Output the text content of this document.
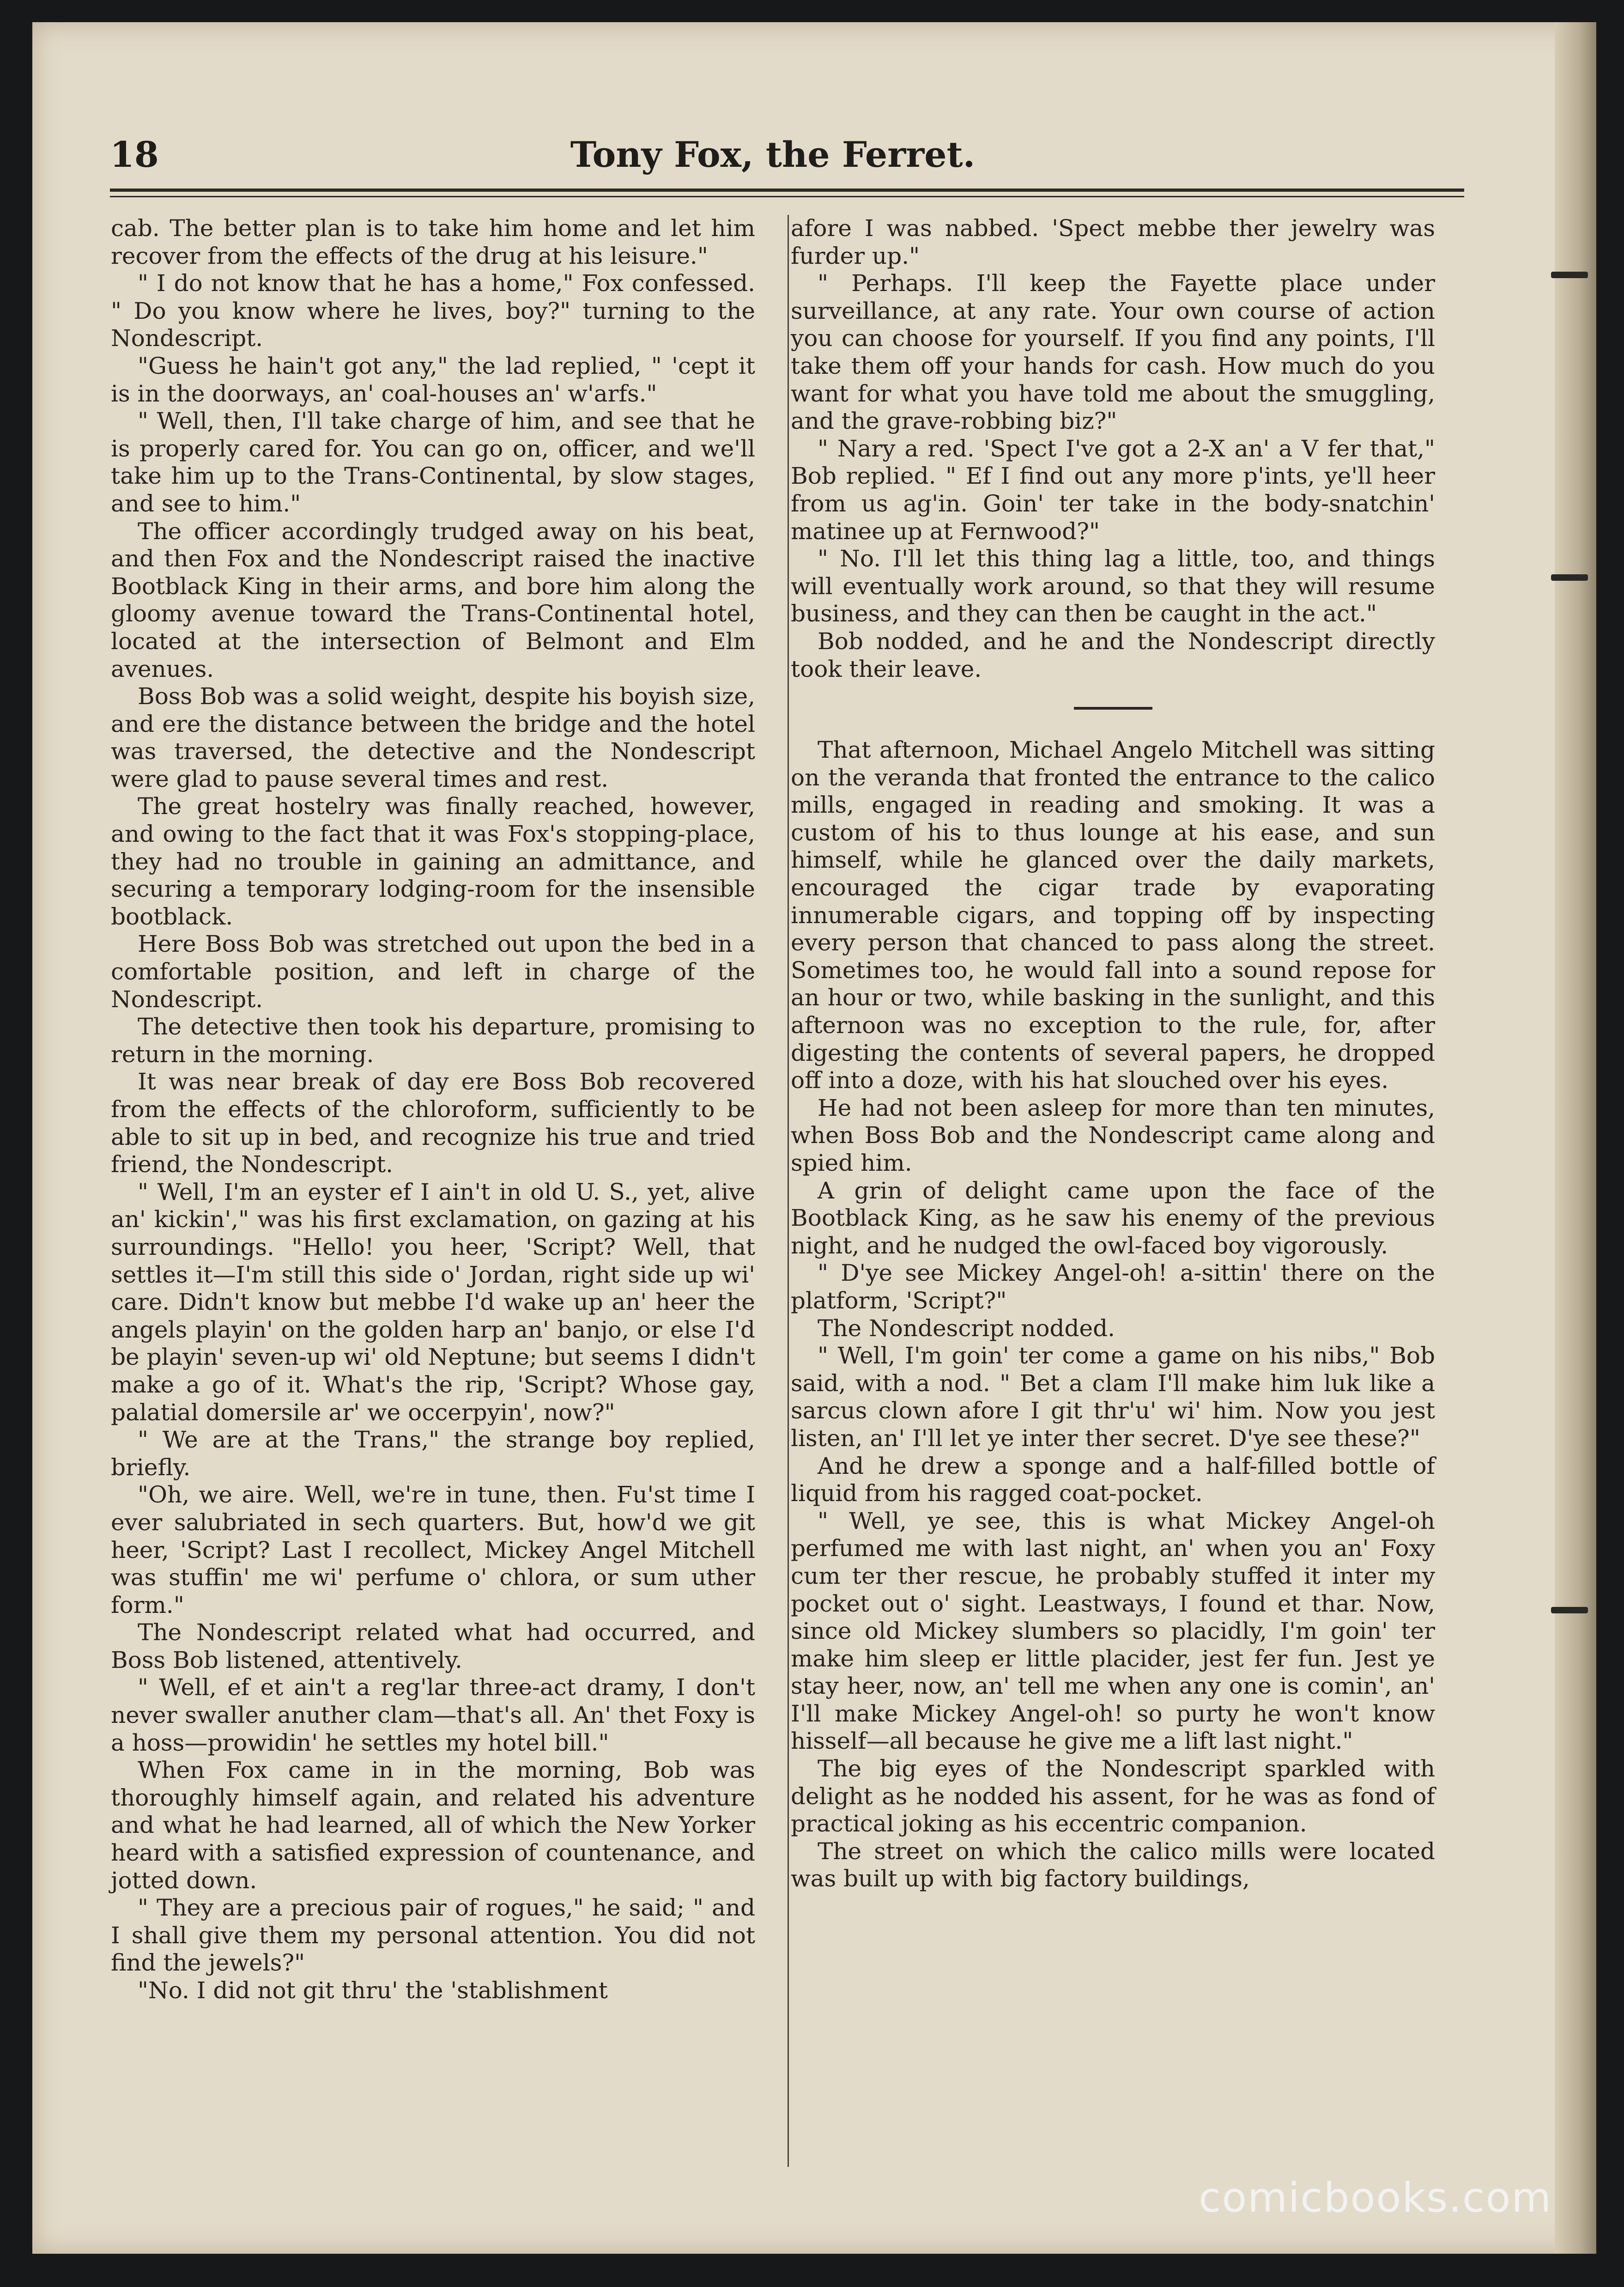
18	Tony Fox, the Ferret.

cab. The better plan is to take him home and let him recover from the effects of the drug at his leisure."

" I do not know that he has a home," Fox confessed. " Do you know where he lives, boy?" turning to the Nondescript.

"Guess he hain't got any," the lad replied, " 'cept it is in the doorways, an' coal-houses an' w'arfs."

" Well, then, I'll take charge of him, and see that he is properly cared for. You can go on, officer, and we'll take him up to the Trans-Continental, by slow stages, and see to him."

The officer accordingly trudged away on his beat, and then Fox and the Nondescript raised the inactive Bootblack King in their arms, and bore him along the gloomy avenue toward the Trans-Continental hotel, located at the intersection of Belmont and Elm avenues.

Boss Bob was a solid weight, despite his boyish size, and ere the distance between the bridge and the hotel was traversed, the detective and the Nondescript were glad to pause several times and rest.

The great hostelry was finally reached, however, and owing to the fact that it was Fox's stopping-place, they had no trouble in gaining an admittance, and securing a temporary lodging-room for the insensible bootblack.

Here Boss Bob was stretched out upon the bed in a comfortable position, and left in charge of the Nondescript.

The detective then took his departure, promising to return in the morning.

It was near break of day ere Boss Bob recovered from the effects of the chloroform, sufficiently to be able to sit up in bed, and recognize his true and tried friend, the Nondescript.

" Well, I'm an eyster ef I ain't in old U. S., yet, alive an' kickin'," was his first exclamation, on gazing at his surroundings. "Hello! you heer, 'Script? Well, that settles it—I'm still this side o' Jordan, right side up wi' care. Didn't know but mebbe I'd wake up an' heer the angels playin' on the golden harp an' banjo, or else I'd be playin' seven-up wi' old Neptune; but seems I didn't make a go of it. What's the rip, 'Script? Whose gay, palatial domersile ar' we occerpyin', now?"

" We are at the Trans," the strange boy replied, briefly.

"Oh, we aire. Well, we're in tune, then. Fu'st time I ever salubriated in sech quarters. But, how'd we git heer, 'Script? Last I recollect, Mickey Angel Mitchell was stuffin' me wi' perfume o' chlora, or sum uther form."

The Nondescript related what had occurred, and Boss Bob listened, attentively.

" Well, ef et ain't a reg'lar three-act dramy, I don't never swaller anuther clam—that's all. An' thet Foxy is a hoss—prowidin' he settles my hotel bill."

When Fox came in in the morning, Bob was thoroughly himself again, and related his adventure and what he had learned, all of which the New Yorker heard with a satisfied expression of countenance, and jotted down.

" They are a precious pair of rogues," he said; " and I shall give them my personal attention. You did not find the jewels?"

"No. I did not git thru' the 'stablishment

afore I was nabbed. 'Spect mebbe ther jewelry was furder up."

" Perhaps. I'll keep the Fayette place under surveillance, at any rate. Your own course of action you can choose for yourself. If you find any points, I'll take them off your hands for cash. How much do you want for what you have told me about the smuggling, and the grave-robbing biz?"

" Nary a red. 'Spect I've got a 2-X an' a V fer that," Bob replied. " Ef I find out any more p'ints, ye'll heer from us ag'in. Goin' ter take in the body-snatchin' matinee up at Fernwood?"

" No. I'll let this thing lag a little, too, and things will eventually work around, so that they will resume business, and they can then be caught in the act."

Bob nodded, and he and the Nondescript directly took their leave.

That afternoon, Michael Angelo Mitchell was sitting on the veranda that fronted the entrance to the calico mills, engaged in reading and smoking. It was a custom of his to thus lounge at his ease, and sun himself, while he glanced over the daily markets, encouraged the cigar trade by evaporating innumerable cigars, and topping off by inspecting every person that chanced to pass along the street. Sometimes too, he would fall into a sound repose for an hour or two, while basking in the sunlight, and this afternoon was no exception to the rule, for, after digesting the contents of several papers, he dropped off into a doze, with his hat slouched over his eyes.

He had not been asleep for more than ten minutes, when Boss Bob and the Nondescript came along and spied him.

A grin of delight came upon the face of the Bootblack King, as he saw his enemy of the previous night, and he nudged the owl-faced boy vigorously.

" D'ye see Mickey Angel-oh! a-sittin' there on the platform, 'Script?"

The Nondescript nodded.

" Well, I'm goin' ter come a game on his nibs," Bob said, with a nod. " Bet a clam I'll make him luk like a sarcus clown afore I git thr'u' wi' him. Now you jest listen, an' I'll let ye inter ther secret. D'ye see these?"

And he drew a sponge and a half-filled bottle of liquid from his ragged coat-pocket.

" Well, ye see, this is what Mickey Angel-oh perfumed me with last night, an' when you an' Foxy cum ter ther rescue, he probably stuffed it inter my pocket out o' sight. Leastways, I found et thar. Now, since old Mickey slumbers so placidly, I'm goin' ter make him sleep er little placider, jest fer fun. Jest ye stay heer, now, an' tell me when any one is comin', an' I'll make Mickey Angel-oh! so purty he won't know hisself—all because he give me a lift last night."

The big eyes of the Nondescript sparkled with delight as he nodded his assent, for he was as fond of practical joking as his eccentric companion.

The street on which the calico mills were located was built up with big factory buildings,

comicbooks.com
